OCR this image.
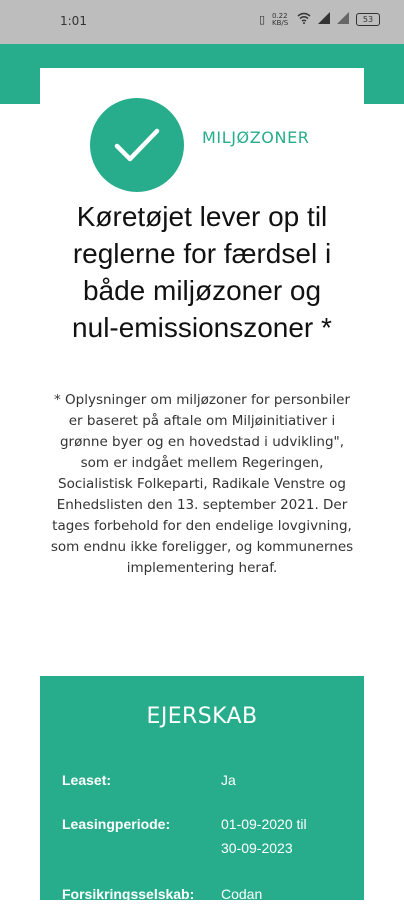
1:01	▯ 0.22 KB/S	53
MILJØZONER
Køretøjet lever op til
reglerne for færdsel i
både miljøzoner og
nul-emissionszoner *
* Oplysninger om miljøzoner for personbiler
er baseret på aftale om Miljøinitiativer i
grønne byer og en hovedstad i udvikling",
som er indgået mellem Regeringen,
Socialistisk Folkeparti, Radikale Venstre og
Enhedslisten den 13. september 2021. Der
tages forbehold for den endelige lovgivning,
som endnu ikke foreligger, og kommunernes
implementering heraf.
EJERSKAB
Leaset:	Ja
Leasingperiode:	01-09-2020 til
30-09-2023
Forsikringsselskab: Codan
